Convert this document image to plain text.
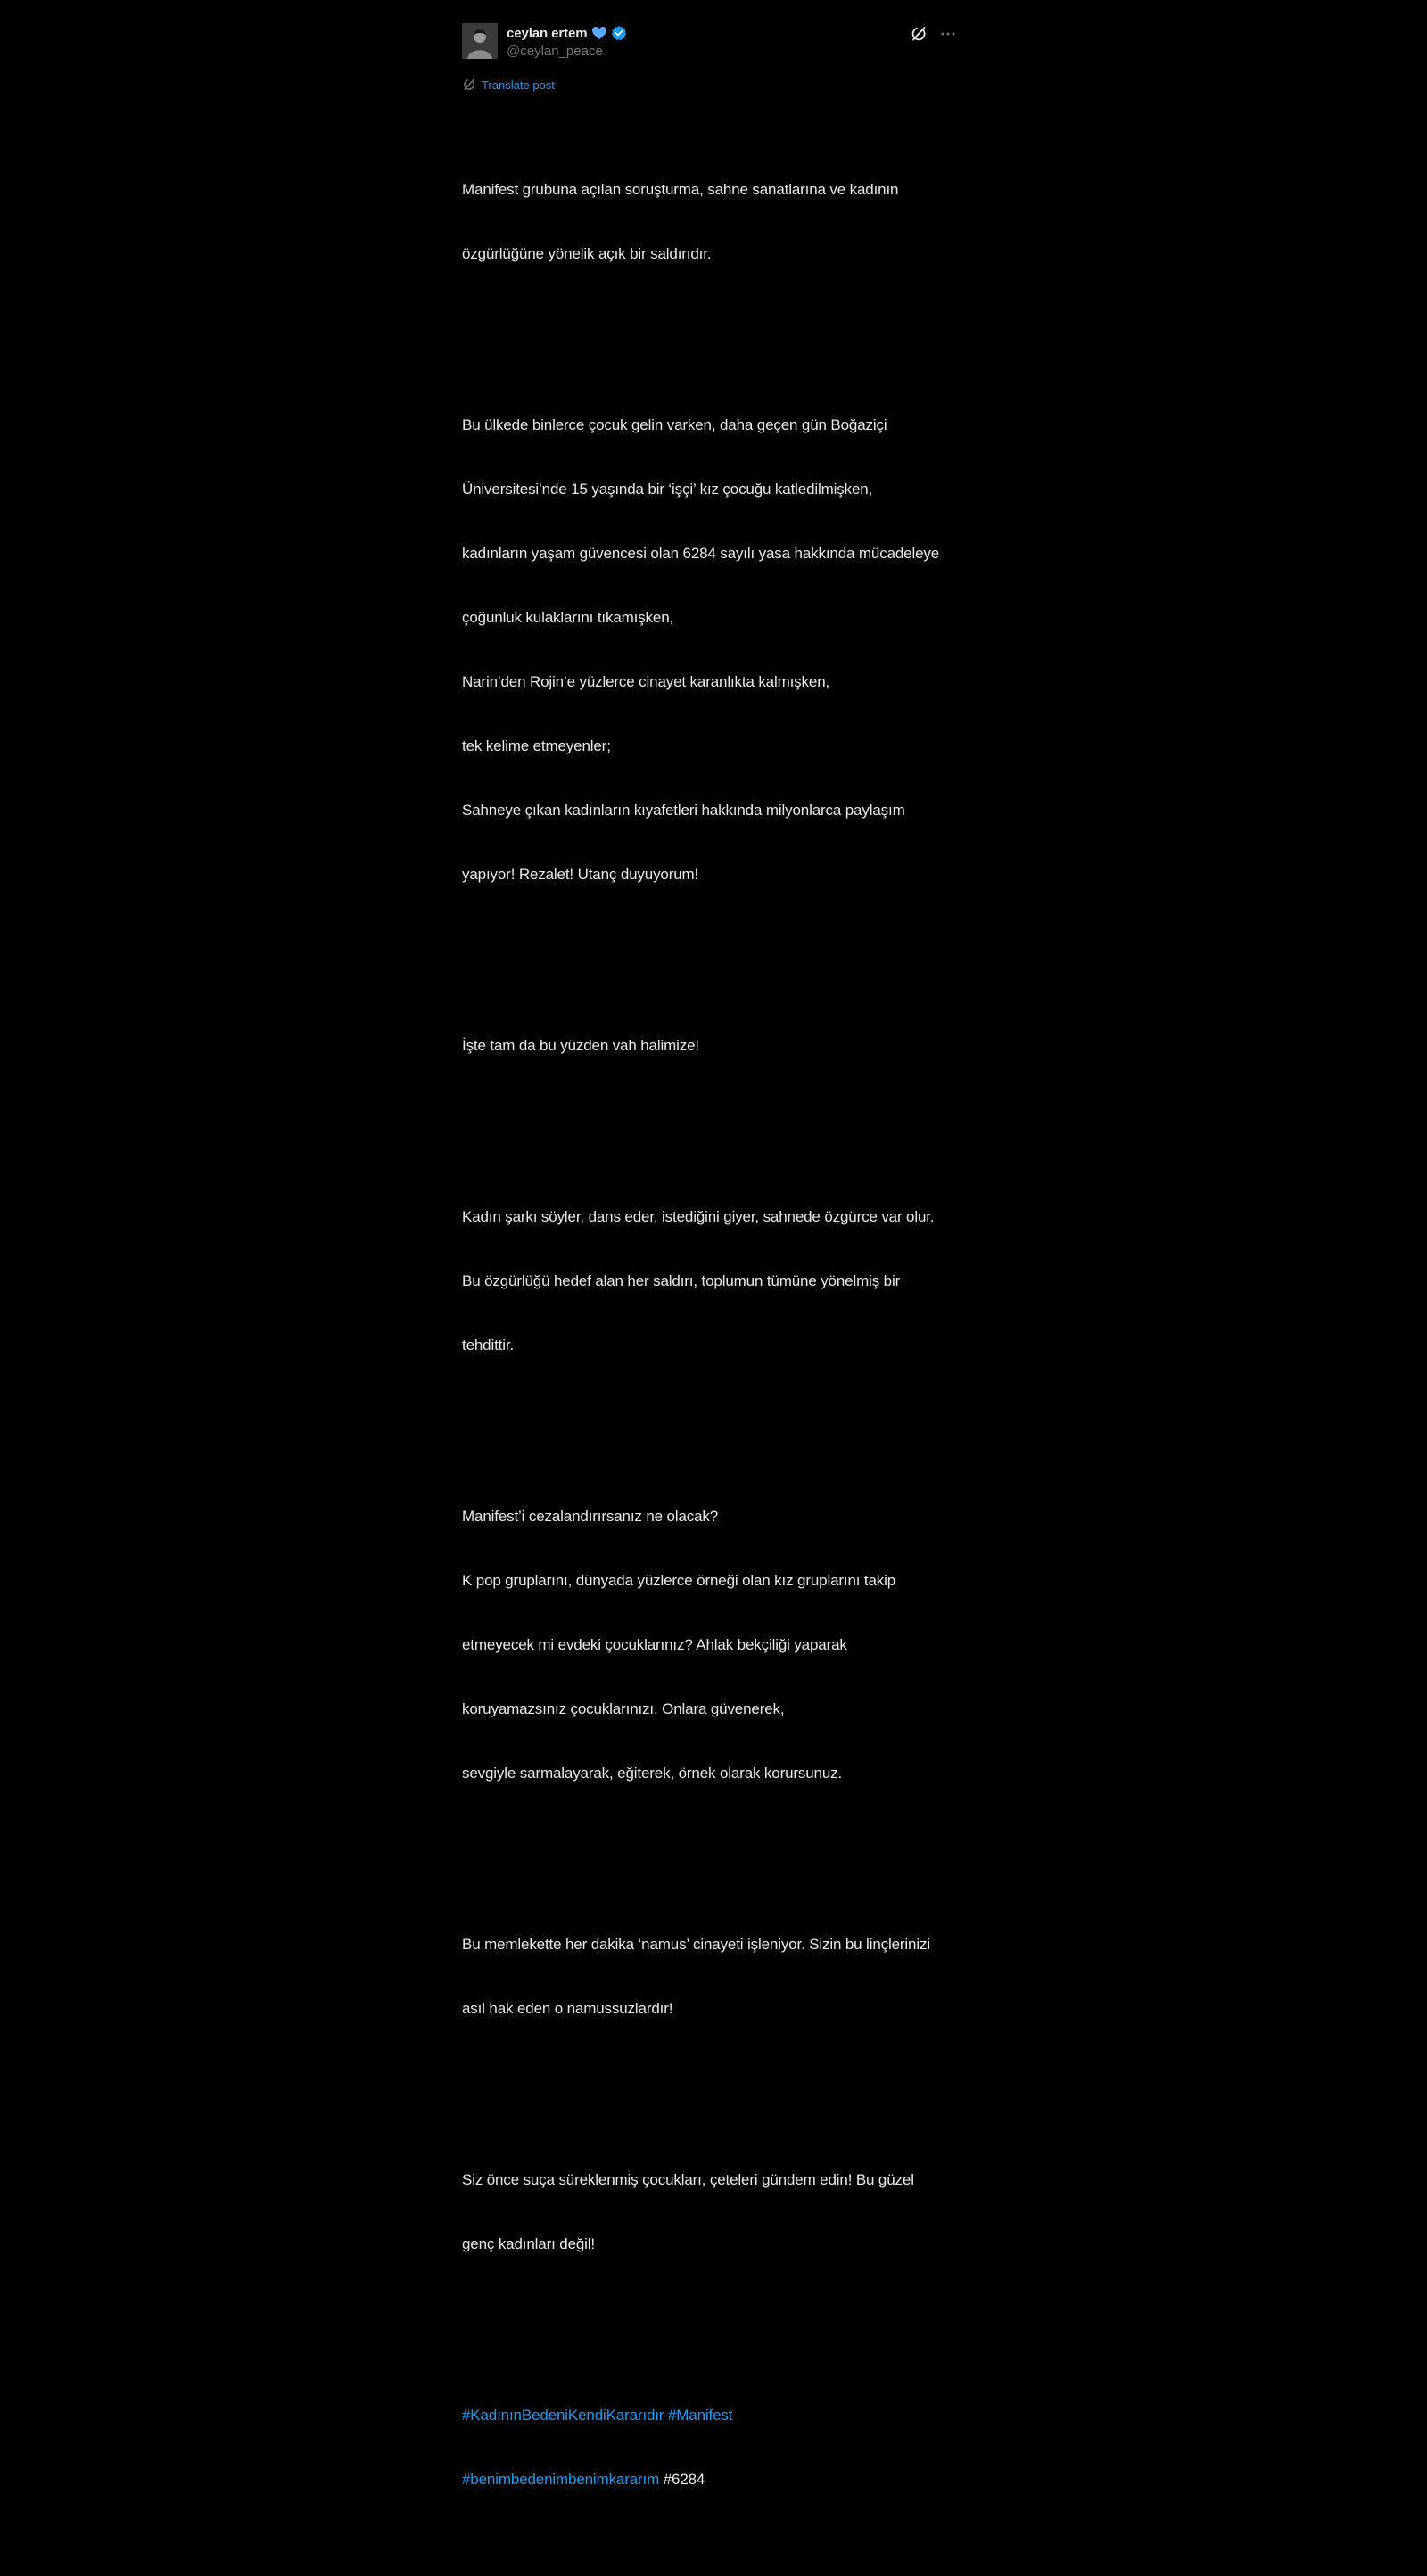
ceylan ertem
@ceylan_peace
Translate post

Manifest grubuna açılan soruşturma, sahne sanatlarına ve kadının

özgürlüğüne yönelik açık bir saldırıdır.

Bu ülkede binlerce çocuk gelin varken, daha geçen gün Boğaziçi

Üniversitesi’nde 15 yaşında bir ‘işçi’ kız çocuğu katledilmişken,

kadınların yaşam güvencesi olan 6284 sayılı yasa hakkında mücadeleye

çoğunluk kulaklarını tıkamışken,

Narin’den Rojin’e yüzlerce cinayet karanlıkta kalmışken,

tek kelime etmeyenler;

Sahneye çıkan kadınların kıyafetleri hakkında milyonlarca paylaşım

yapıyor! Rezalet! Utanç duyuyorum!

İşte tam da bu yüzden vah halimize!

Kadın şarkı söyler, dans eder, istediğini giyer, sahnede özgürce var olur.

Bu özgürlüğü hedef alan her saldırı, toplumun tümüne yönelmiş bir

tehdittir.

Manifest’i cezalandırırsanız ne olacak?

K pop gruplarını, dünyada yüzlerce örneği olan kız gruplarını takip

etmeyecek mi evdeki çocuklarınız? Ahlak bekçiliği yaparak

koruyamazsınız çocuklarınızı. Onlara güvenerek,

sevgiyle sarmalayarak, eğiterek, örnek olarak korursunuz.

Bu memlekette her dakika ‘namus’ cinayeti işleniyor. Sizin bu linçlerinizi

asıl hak eden o namussuzlardır!

Siz önce suça süreklenmiş çocukları, çeteleri gündem edin! Bu güzel

genç kadınları değil!

#KadınınBedeniKendiKararıdır #Manifest

#benimbedenimbenimkararım #6284
